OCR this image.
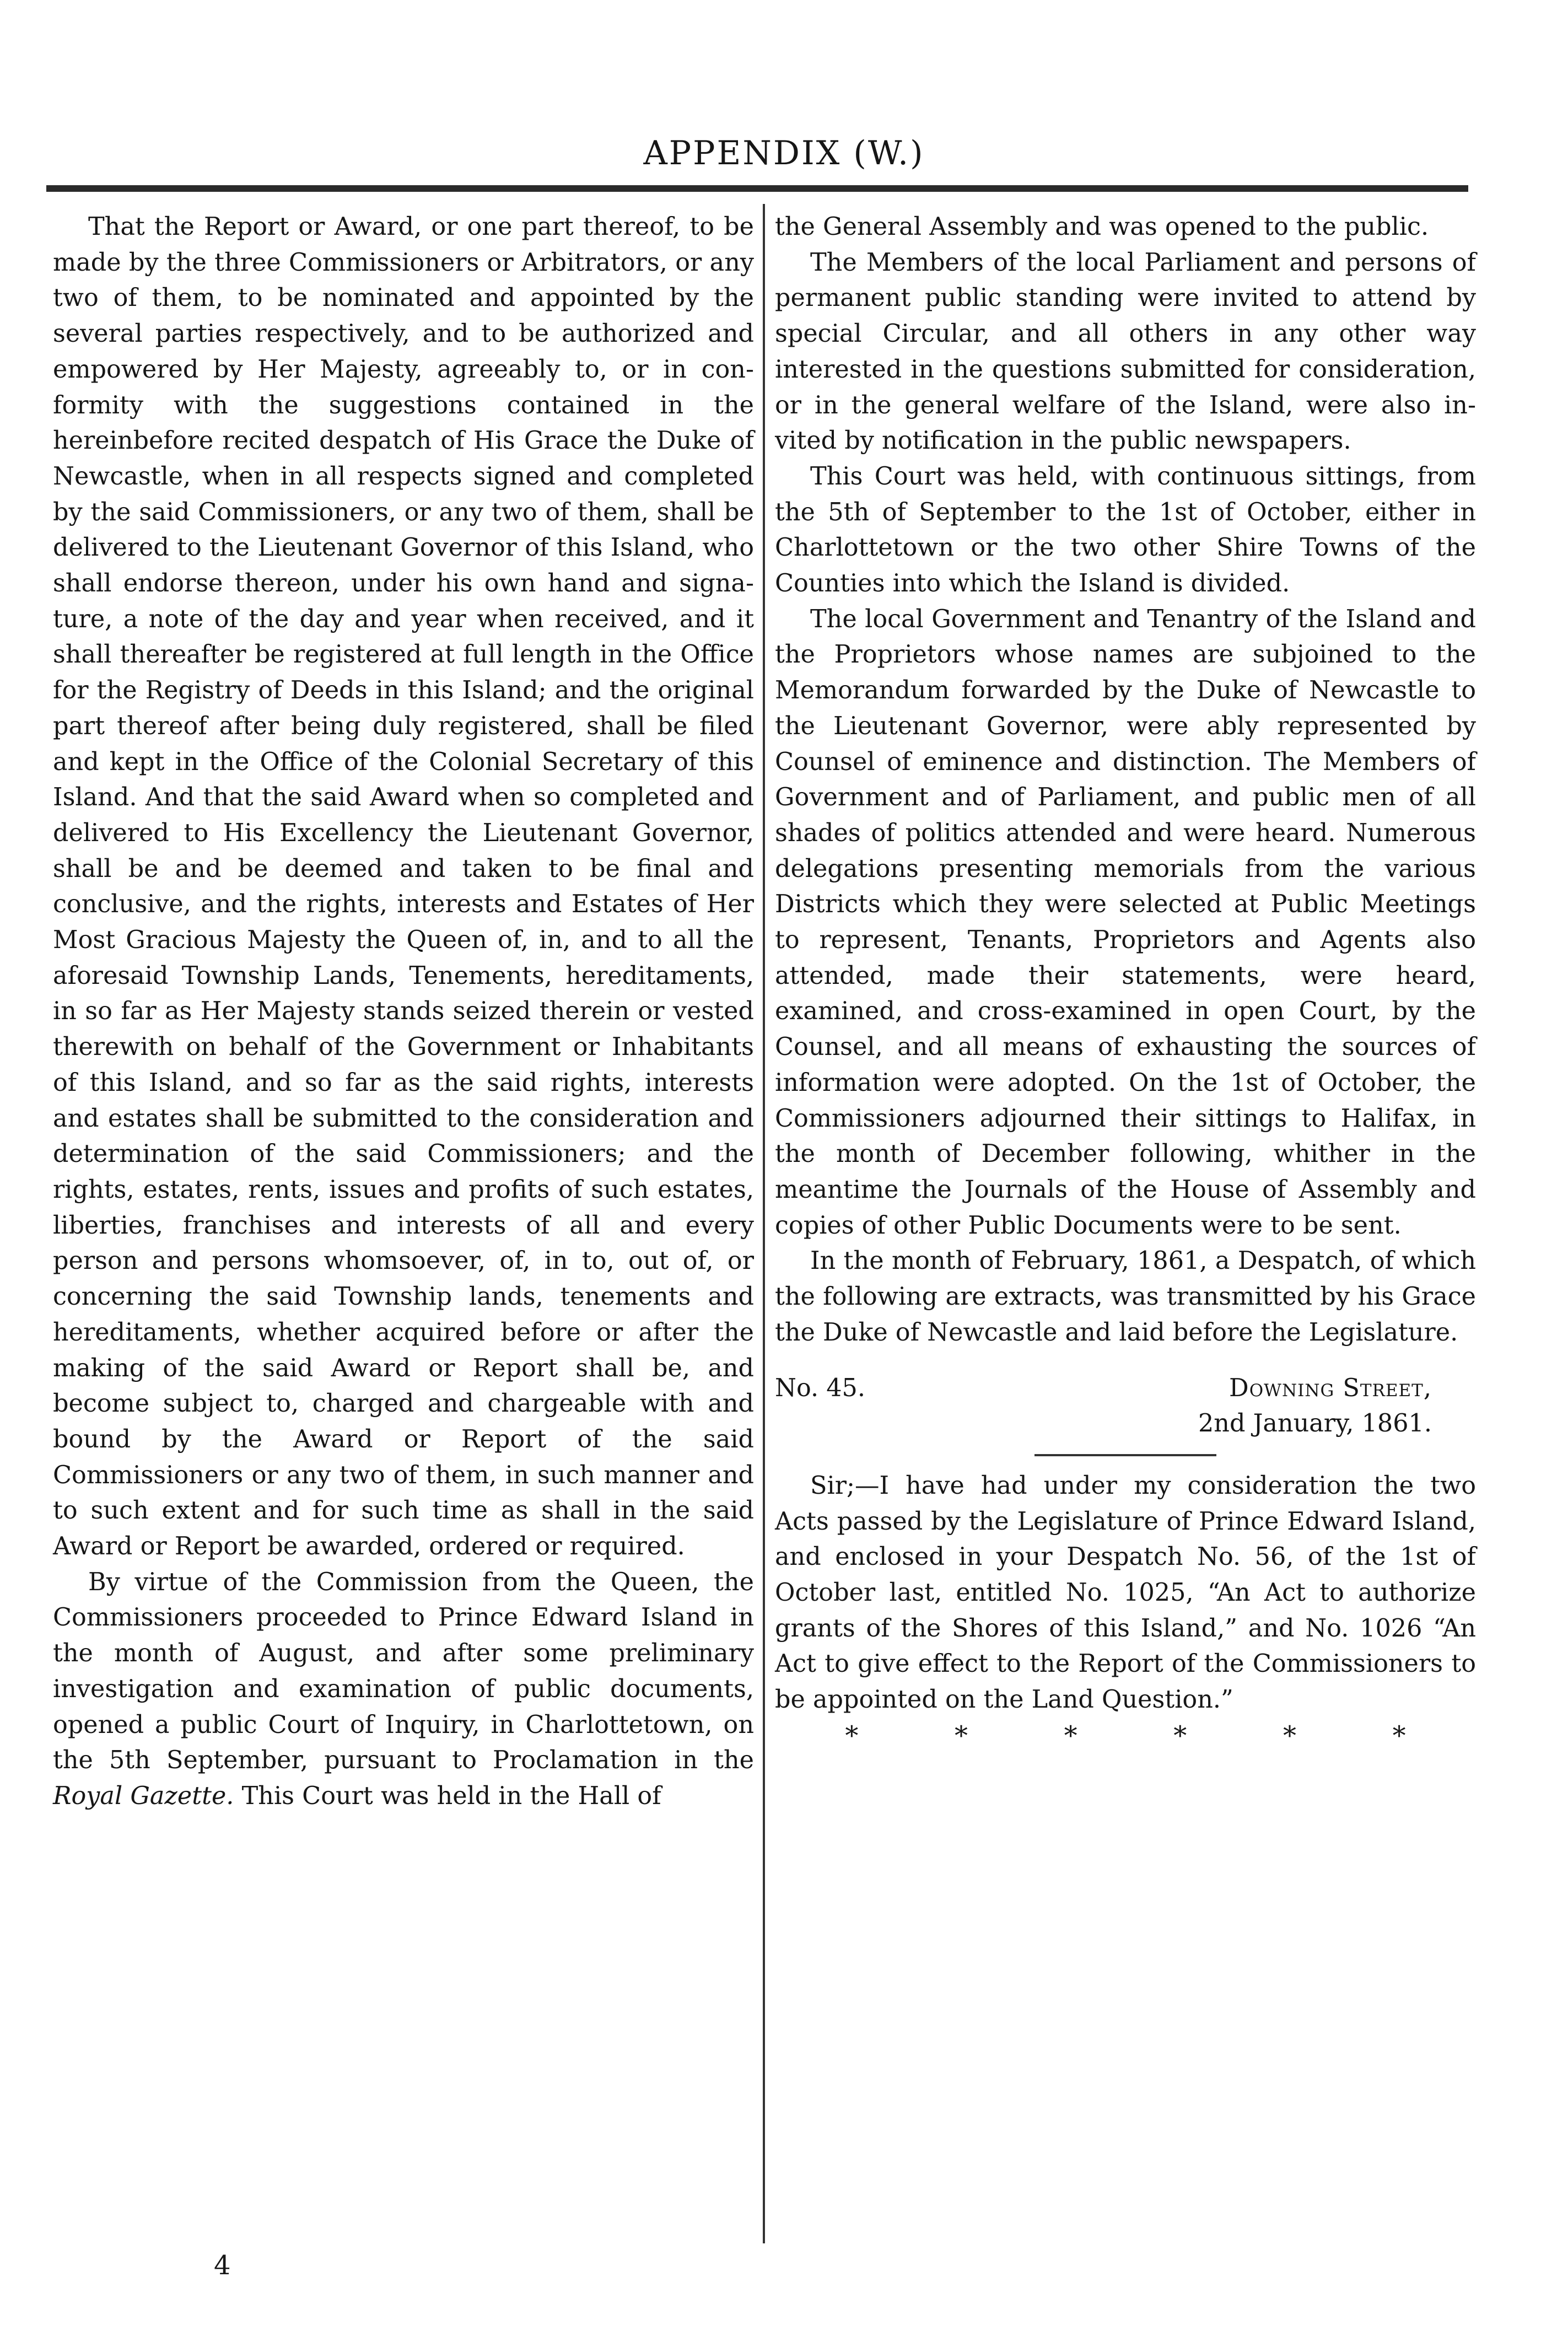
APPENDIX (W.)

That the Report or Award, or one part thereof, to be made by the three Commissioners or Arbitrators, or any two of them, to be nominated and appointed by the several parties respectively, and to be authorized and empowered by Her Majesty, agreeably to, or in conformity with the suggestions contained in the hereinbefore recited despatch of His Grace the Duke of Newcastle, when in all respects signed and completed by the said Commissioners, or any two of them, shall be delivered to the Lieutenant Governor of this Island, who shall endorse thereon, under his own hand and signature, a note of the day and year when received, and it shall thereafter be registered at full length in the Office for the Registry of Deeds in this Island; and the original part thereof after being duly registered, shall be filed and kept in the Office of the Colonial Secretary of this Island. And that the said Award when so completed and delivered to His Excellency the Lieutenant Governor, shall be and be deemed and taken to be final and conclusive, and the rights, interests and Estates of Her Most Gracious Majesty the Queen of, in, and to all the aforesaid Township Lands, Tenements, hereditaments, in so far as Her Majesty stands seized therein or vested therewith on behalf of the Government or Inhabitants of this Island, and so far as the said rights, interests and estates shall be submitted to the consideration and determination of the said Commissioners; and the rights, estates, rents, issues and profits of such estates, liberties, franchises and interests of all and every person and persons whomsoever, of, in to, out of, or concerning the said Township lands, tenements and hereditaments, whether acquired before or after the making of the said Award or Report shall be, and become subject to, charged and chargeable with and bound by the Award or Report of the said Commissioners or any two of them, in such manner and to such extent and for such time as shall in the said Award or Report be awarded, ordered or required.

By virtue of the Commission from the Queen, the Commissioners proceeded to Prince Edward Island in the month of August, and after some preliminary investigation and examination of public documents, opened a public Court of Inquiry, in Charlottetown, on the 5th September, pursuant to Proclamation in the Royal Gazette. This Court was held in the Hall of

the General Assembly and was opened to the public.

The Members of the local Parliament and persons of permanent public standing were invited to attend by special Circular, and all others in any other way interested in the questions submitted for consideration, or in the general welfare of the Island, were also invited by notification in the public newspapers.

This Court was held, with continuous sittings, from the 5th of September to the 1st of October, either in Charlottetown or the two other Shire Towns of the Counties into which the Island is divided.

The local Government and Tenantry of the Island and the Proprietors whose names are subjoined to the Memorandum forwarded by the Duke of Newcastle to the Lieutenant Governor, were ably represented by Counsel of eminence and distinction. The Members of Government and of Parliament, and public men of all shades of politics attended and were heard. Numerous delegations presenting memorials from the various Districts which they were selected at Public Meetings to represent, Tenants, Proprietors and Agents also attended, made their statements, were heard, examined, and cross-examined in open Court, by the Counsel, and all means of exhausting the sources of information were adopted. On the 1st of October, the Commissioners adjourned their sittings to Halifax, in the month of December following, whither in the meantime the Journals of the House of Assembly and copies of other Public Documents were to be sent.

In the month of February, 1861, a Despatch, of which the following are extracts, was transmitted by his Grace the Duke of Newcastle and laid before the Legislature.

No. 45.	Downing Street,
2nd January, 1861.

Sir;—I have had under my consideration the two Acts passed by the Legislature of Prince Edward Island, and enclosed in your Despatch No. 56, of the 1st of October last, entitled No. 1025, “An Act to authorize grants of the Shores of this Island,” and No. 1026 “An Act to give effect to the Report of the Commissioners to be appointed on the Land Question.”

*	*	*	*	*	*
4
